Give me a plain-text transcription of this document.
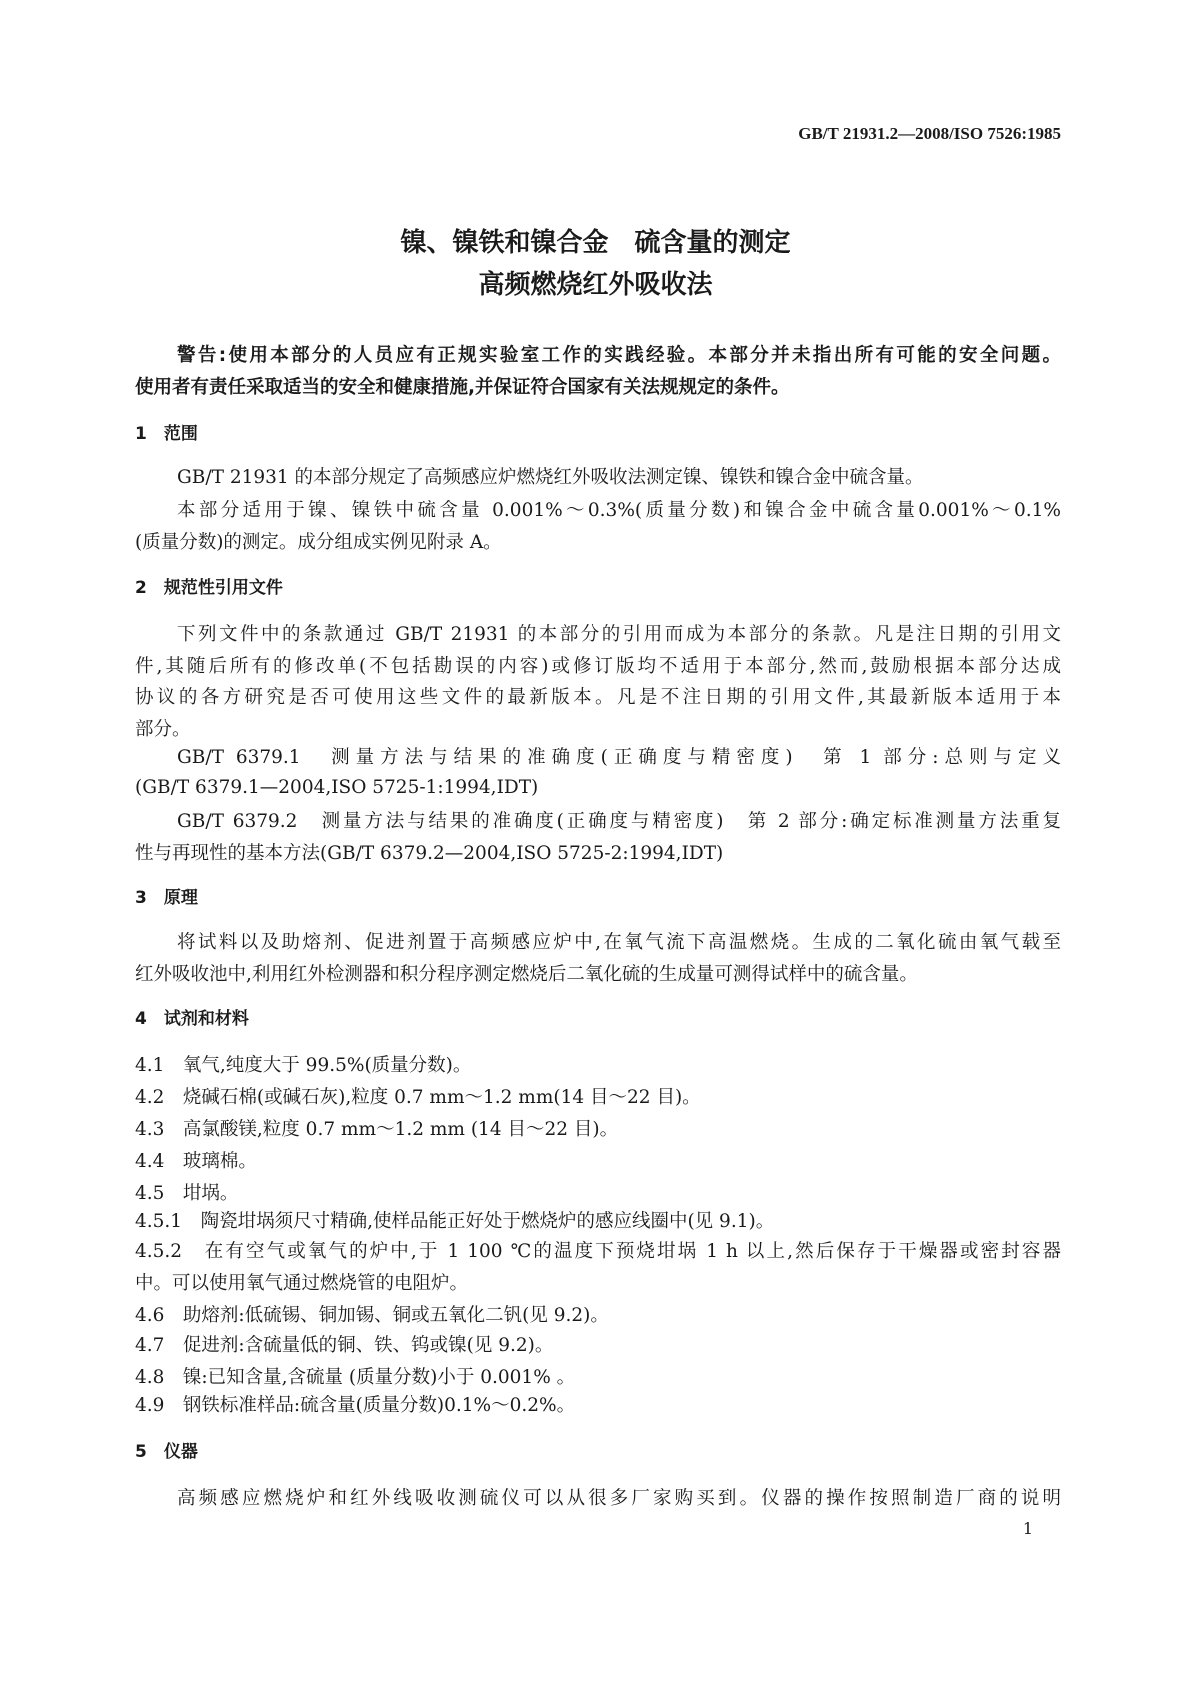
GB/T 21931.2—2008/ISO 7526:1985
镍、镍铁和镍合金　硫含量的测定
高频燃烧红外吸收法
警告:使用本部分的人员应有正规实验室工作的实践经验。本部分并未指出所有可能的安全问题。
使用者有责任采取适当的安全和健康措施,并保证符合国家有关法规规定的条件。
1　范围
GB/T 21931 的本部分规定了高频感应炉燃烧红外吸收法测定镍、镍铁和镍合金中硫含量。
本部分适用于镍、镍铁中硫含量 0.001%～0.3%(质量分数)和镍合金中硫含量0.001%～0.1%
(质量分数)的测定。成分组成实例见附录 A。
2　规范性引用文件
下列文件中的条款通过 GB/T 21931 的本部分的引用而成为本部分的条款。凡是注日期的引用文
件,其随后所有的修改单(不包括勘误的内容)或修订版均不适用于本部分,然而,鼓励根据本部分达成
协议的各方研究是否可使用这些文件的最新版本。凡是不注日期的引用文件,其最新版本适用于本
部分。
GB/T 6379.1　测量方法与结果的准确度(正确度与精密度)　第 1 部分:总则与定义
(GB/T 6379.1—2004,ISO 5725-1:1994,IDT)
GB/T 6379.2　测量方法与结果的准确度(正确度与精密度)　第 2 部分:确定标准测量方法重复
性与再现性的基本方法(GB/T 6379.2—2004,ISO 5725-2:1994,IDT)
3　原理
将试料以及助熔剂、促进剂置于高频感应炉中,在氧气流下高温燃烧。生成的二氧化硫由氧气载至
红外吸收池中,利用红外检测器和积分程序测定燃烧后二氧化硫的生成量可测得试样中的硫含量。
4　试剂和材料
4.1　氧气,纯度大于 99.5%(质量分数)。
4.2　烧碱石棉(或碱石灰),粒度 0.7 mm～1.2 mm(14 目～22 目)。
4.3　高氯酸镁,粒度 0.7 mm～1.2 mm (14 目～22 目)。
4.4　玻璃棉。
4.5　坩埚。
4.5.1　陶瓷坩埚须尺寸精确,使样品能正好处于燃烧炉的感应线圈中(见 9.1)。
4.5.2　在有空气或氧气的炉中,于 1 100 ℃的温度下预烧坩埚 1 h 以上,然后保存于干燥器或密封容器
中。可以使用氧气通过燃烧管的电阻炉。
4.6　助熔剂:低硫锡、铜加锡、铜或五氧化二钒(见 9.2)。
4.7　促进剂:含硫量低的铜、铁、钨或镍(见 9.2)。
4.8　镍:已知含量,含硫量 (质量分数)小于 0.001% 。
4.9　钢铁标准样品:硫含量(质量分数)0.1%～0.2%。
5　仪器
高频感应燃烧炉和红外线吸收测硫仪可以从很多厂家购买到。仪器的操作按照制造厂商的说明
1
